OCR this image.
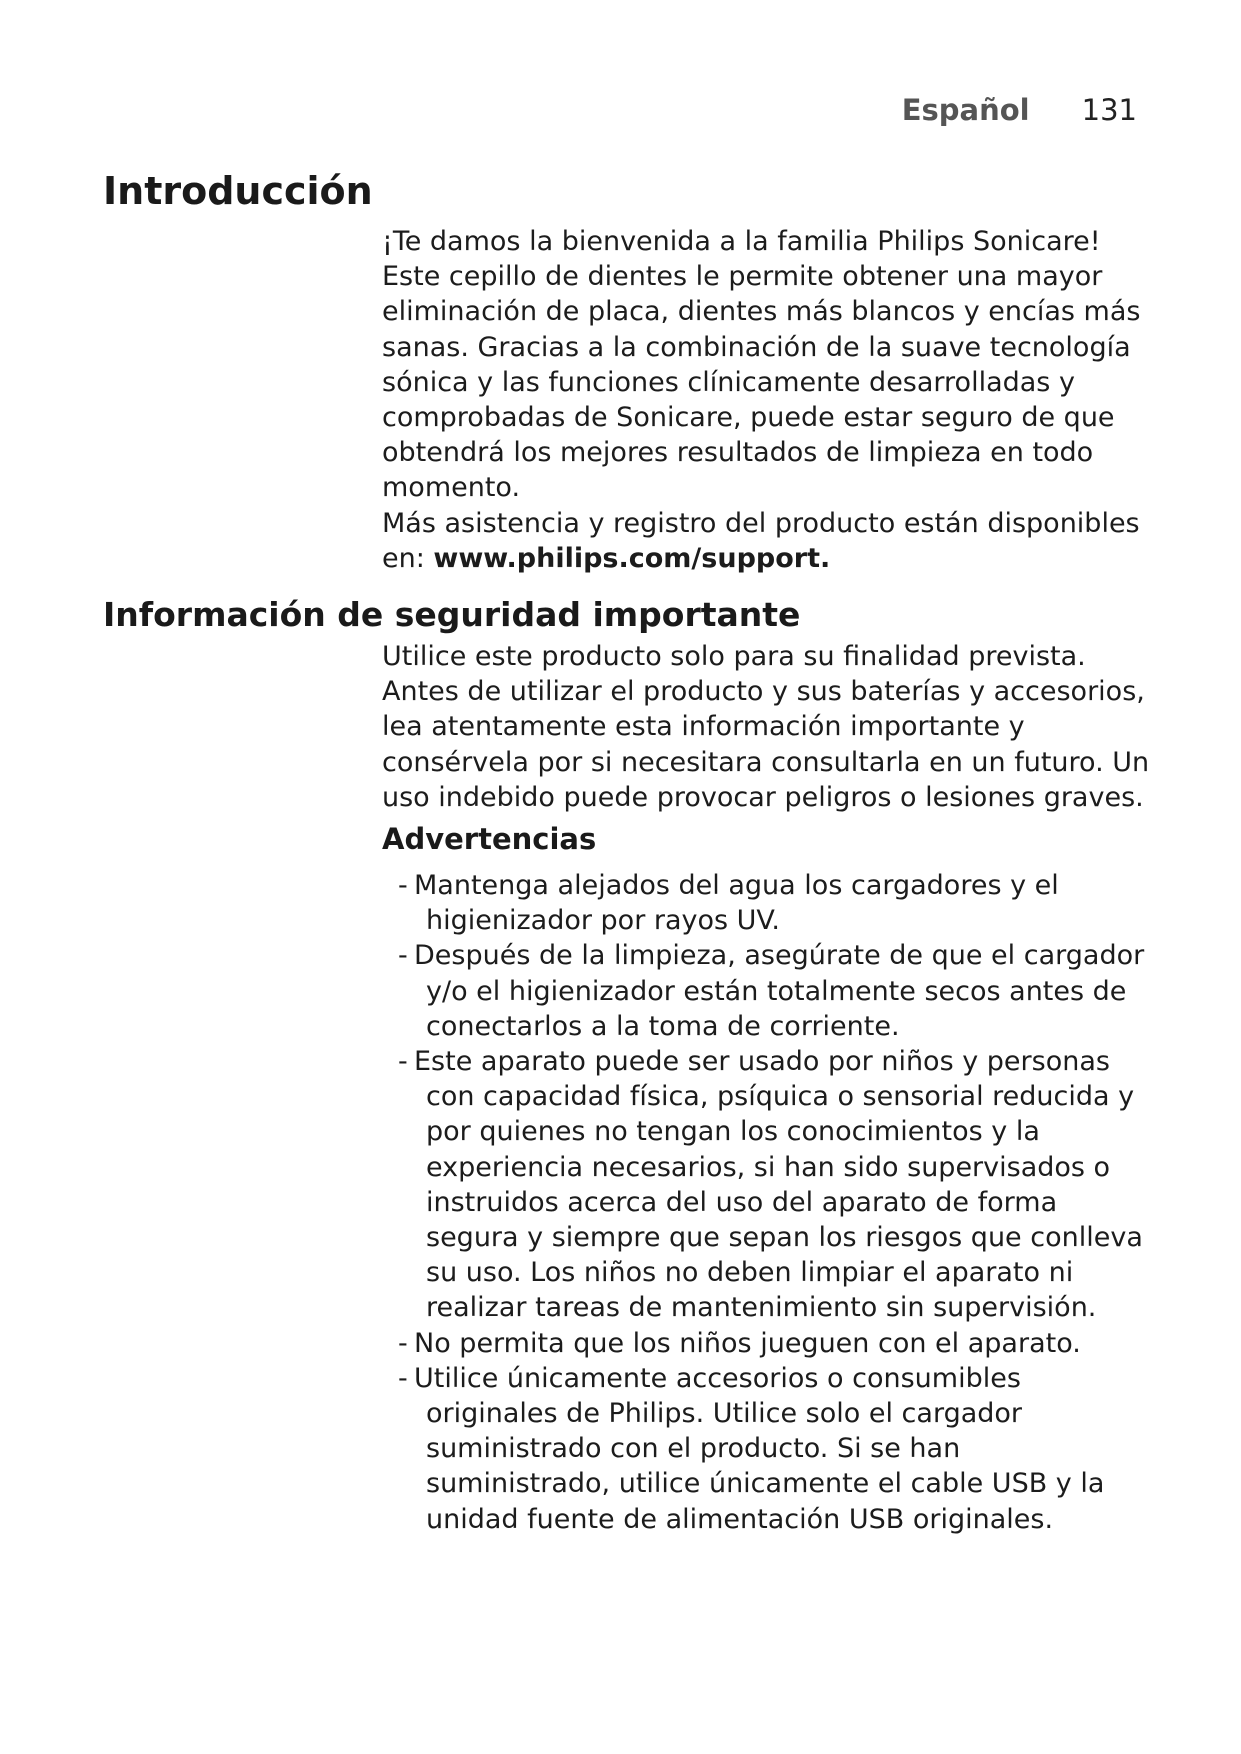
Español 131
Introducción

¡Te damos la bienvenida a la familia Philips Sonicare!
Este cepillo de dientes le permite obtener una mayor
eliminación de placa, dientes más blancos y encías más
sanas. Gracias a la combinación de la suave tecnología
sónica y las funciones clínicamente desarrolladas y
comprobadas de Sonicare, puede estar seguro de que
obtendrá los mejores resultados de limpieza en todo
momento.

Más asistencia y registro del producto están disponibles
en: www.philips.com/support.

Información de seguridad importante

Utilice este producto solo para su finalidad prevista.
Antes de utilizar el producto y sus baterías y accesorios,
lea atentamente esta información importante y
consérvela por si necesitara consultarla en un futuro. Un
uso indebido puede provocar peligros o lesiones graves.

Advertencias
- Mantenga alejados del agua los cargadores y el higienizador por rayos UV.
- Después de la limpieza, asegúrate de que el cargador y/o el higienizador están totalmente secos antes de conectarlos a la toma de corriente.
- Este aparato puede ser usado por niños y personas con capacidad física, psíquica o sensorial reducida y por quienes no tengan los conocimientos y la experiencia necesarios, si han sido supervisados o instruidos acerca del uso del aparato de forma segura y siempre que sepan los riesgos que conlleva su uso. Los niños no deben limpiar el aparato ni realizar tareas de mantenimiento sin supervisión.
- No permita que los niños jueguen con el aparato.
- Utilice únicamente accesorios o consumibles originales de Philips. Utilice solo el cargador suministrado con el producto. Si se han suministrado, utilice únicamente el cable USB y la unidad fuente de alimentación USB originales.
